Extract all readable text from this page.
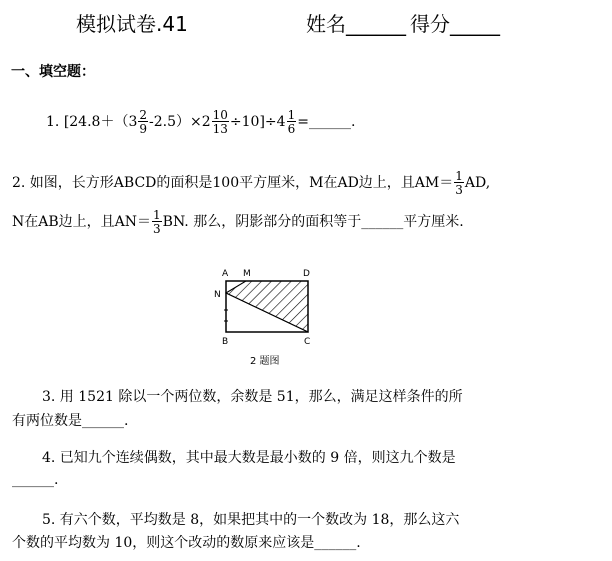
模拟试卷.41	姓名______ 得分_____
一、填空题：
1. $[24.8+(3 \frac{2}{9} -2.5)\times 2 \frac{10}{13} \div 10]\div 4 \frac{1}{6}$ =______.
2. 如图，长方形ABCD的面积是100平方厘米，M在AD边上，且$AM= \frac{1}{3}$ AD,
N在AB边上，且$AN= \frac{1}{3}$ BN. 那么，阴影部分的面积等于______平方厘米.
A M	D
N
B	C
2 题图
3. 用 1521 除以一个两位数，余数是 51，那么，满足这样条件的所
有两位数是______.
4. 已知九个连续偶数，其中最大数是最小数的 9 倍，则这九个数是
______.
5. 有六个数，平均数是 8，如果把其中的一个数改为 18，那么这六
个数的平均数为 10，则这个改动的数原来应该是______.
